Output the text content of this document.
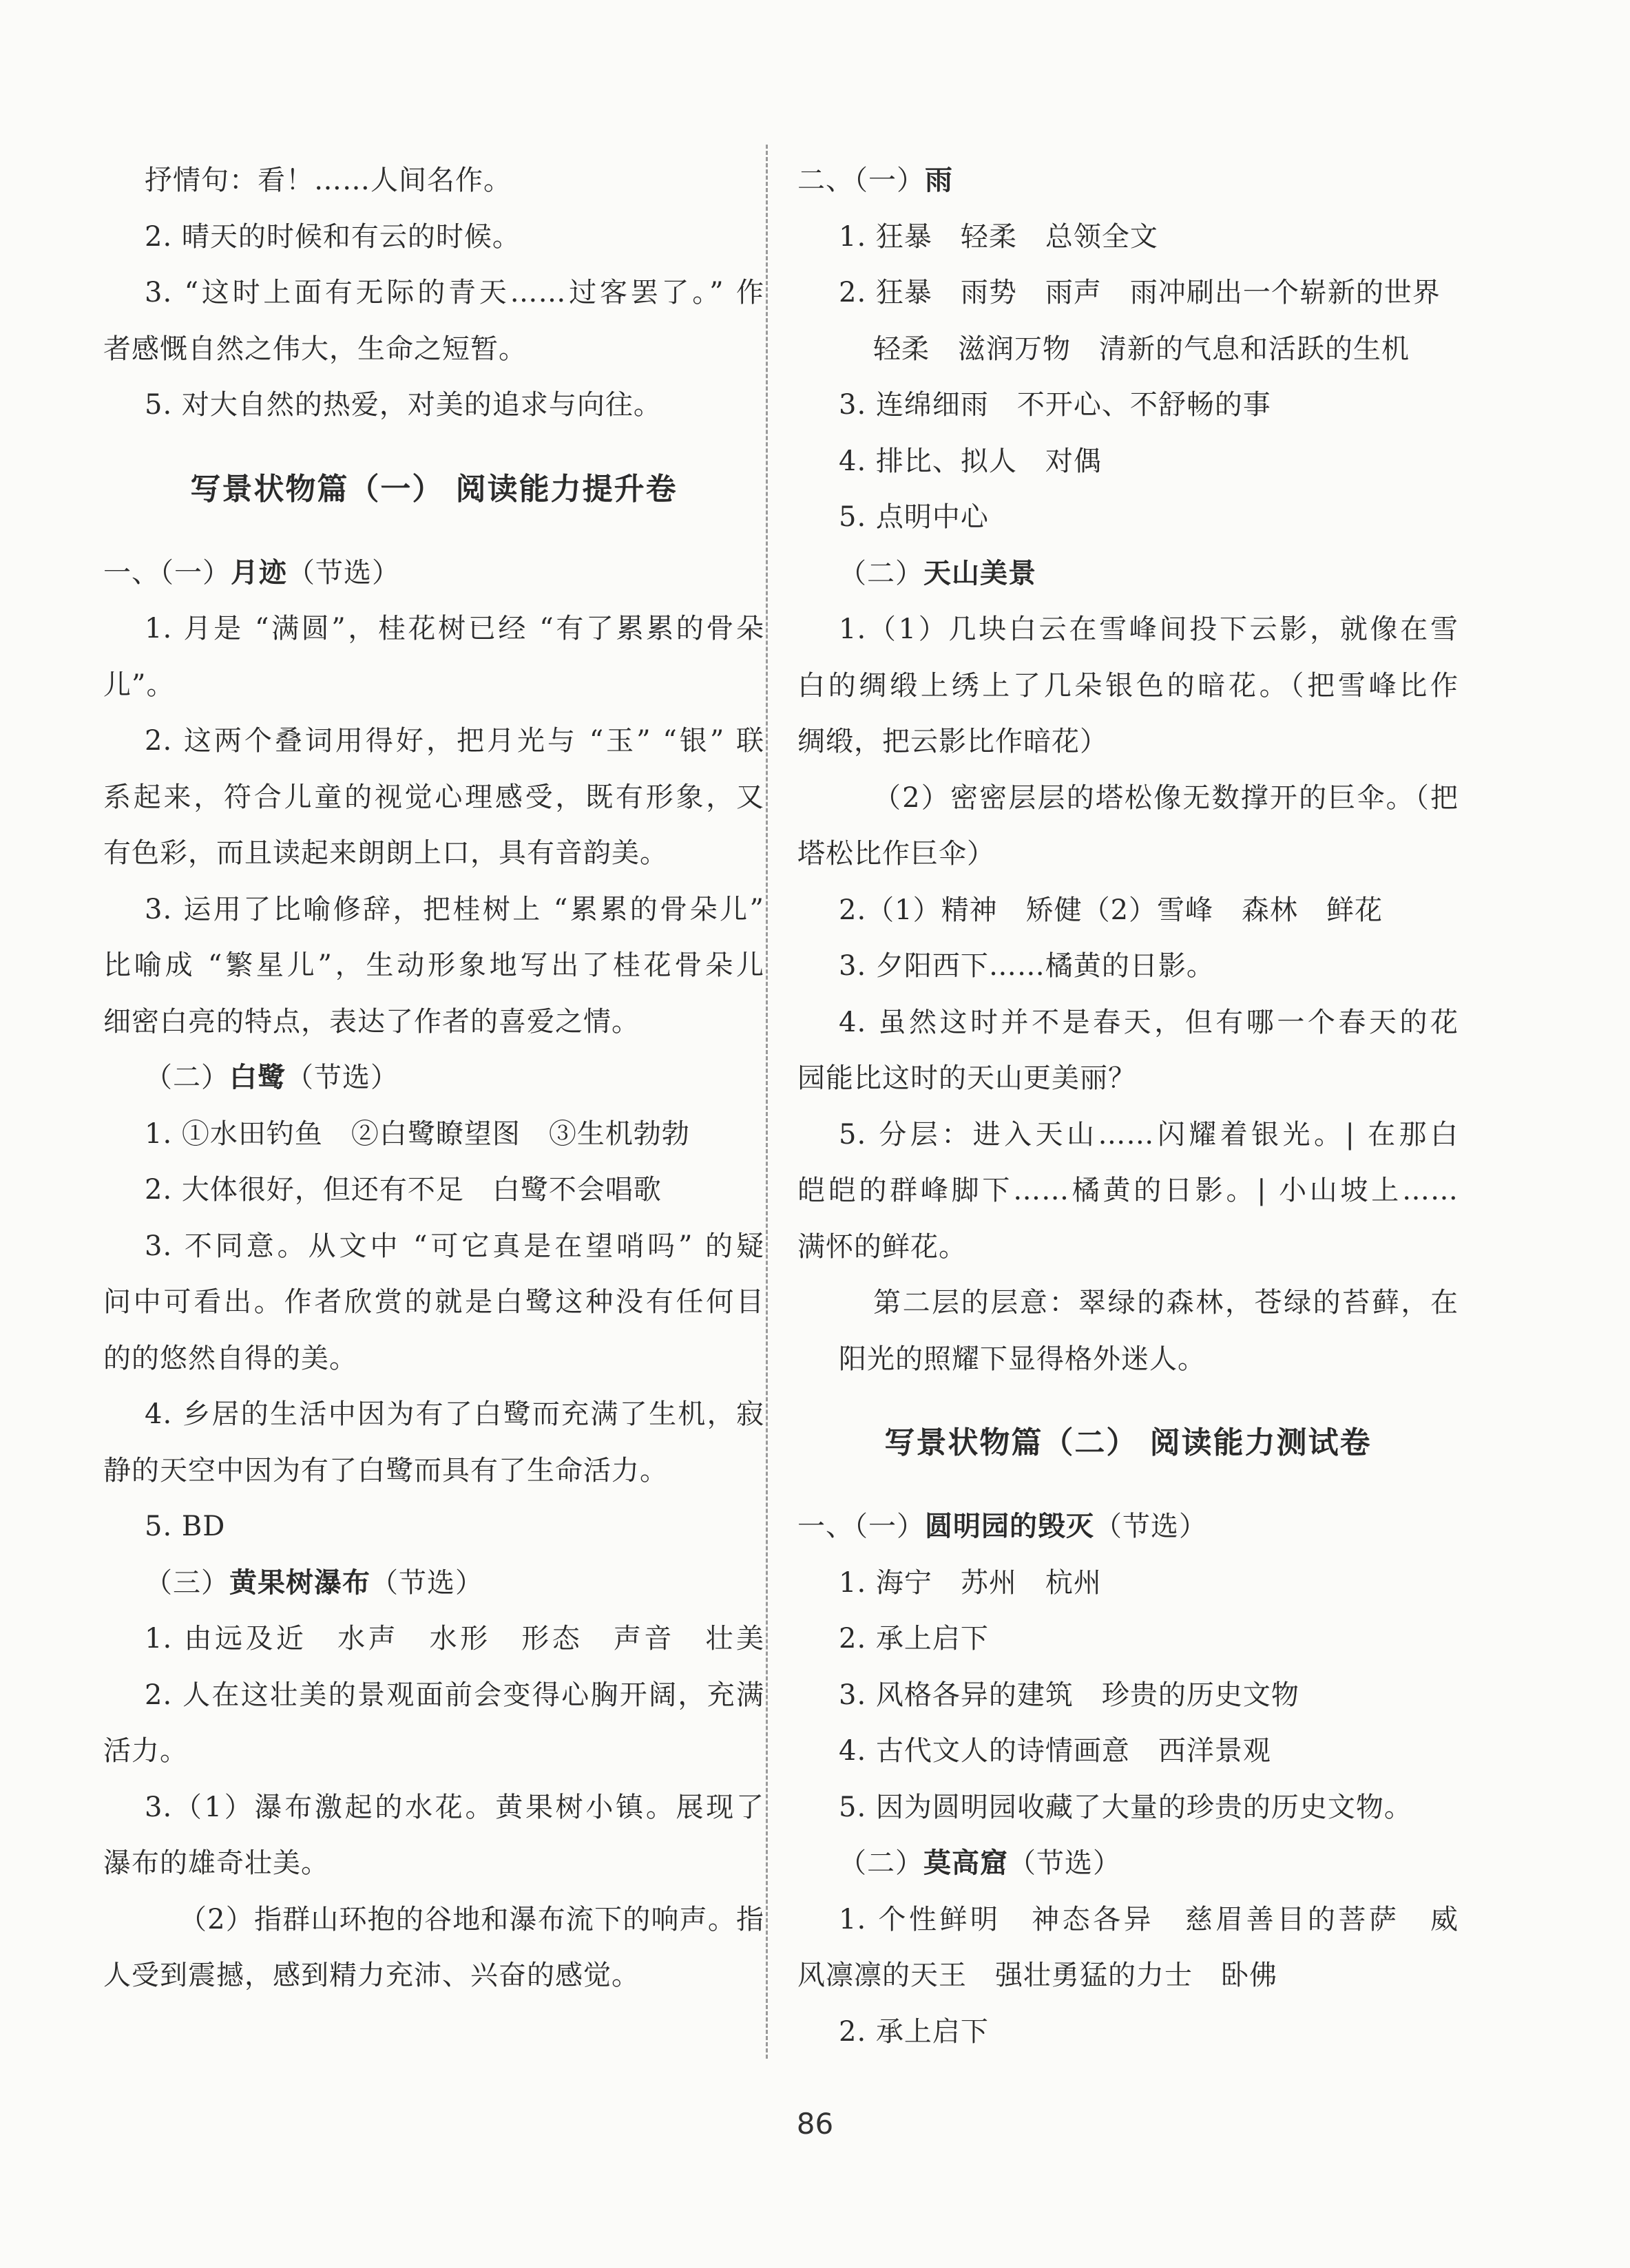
抒情句：看！……人间名作。
2. 晴天的时候和有云的时候。
3. “这时上面有无际的青天……过客罢了。” 作
者感慨自然之伟大，生命之短暂。
5. 对大自然的热爱，对美的追求与向往。
写景状物篇（一） 阅读能力提升卷
一、（一）月迹（节选）
1. 月是 “满圆”，桂花树已经 “有了累累的骨朵
儿”。
2. 这两个叠词用得好，把月光与 “玉” “银” 联
系起来，符合儿童的视觉心理感受，既有形象，又
有色彩，而且读起来朗朗上口，具有音韵美。
3. 运用了比喻修辞，把桂树上 “累累的骨朵儿”
比喻成 “繁星儿”，生动形象地写出了桂花骨朵儿
细密白亮的特点，表达了作者的喜爱之情。
（二）白鹭（节选）
1. ①水田钓鱼　②白鹭瞭望图　③生机勃勃
2. 大体很好，但还有不足　白鹭不会唱歌
3. 不同意。从文中 “可它真是在望哨吗” 的疑
问中可看出。作者欣赏的就是白鹭这种没有任何目
的的悠然自得的美。
4. 乡居的生活中因为有了白鹭而充满了生机，寂
静的天空中因为有了白鹭而具有了生命活力。
5. BD
（三）黄果树瀑布（节选）
1. 由远及近　水声　水形　形态　声音　壮美
2. 人在这壮美的景观面前会变得心胸开阔，充满
活力。
3.（1）瀑布激起的水花。黄果树小镇。展现了
瀑布的雄奇壮美。
（2）指群山环抱的谷地和瀑布流下的响声。指
人受到震撼，感到精力充沛、兴奋的感觉。
二、（一）雨
1. 狂暴　轻柔　总领全文
2. 狂暴　雨势　雨声　雨冲刷出一个崭新的世界
轻柔　滋润万物　清新的气息和活跃的生机
3. 连绵细雨　不开心、不舒畅的事
4. 排比、拟人　对偶
5. 点明中心
（二）天山美景
1.（1）几块白云在雪峰间投下云影，就像在雪
白的绸缎上绣上了几朵银色的暗花。（把雪峰比作
绸缎，把云影比作暗花）
（2）密密层层的塔松像无数撑开的巨伞。（把
塔松比作巨伞）
2.（1）精神　矫健（2）雪峰　森林　鲜花
3. 夕阳西下……橘黄的日影。
4. 虽然这时并不是春天，但有哪一个春天的花
园能比这时的天山更美丽？
5. 分层：进入天山……闪耀着银光。| 在那白
皑皑的群峰脚下……橘黄的日影。| 小山坡上……
满怀的鲜花。
第二层的层意：翠绿的森林，苍绿的苔藓，在
阳光的照耀下显得格外迷人。
写景状物篇（二） 阅读能力测试卷
一、（一）圆明园的毁灭（节选）
1. 海宁　苏州　杭州
2. 承上启下
3. 风格各异的建筑　珍贵的历史文物
4. 古代文人的诗情画意　西洋景观
5. 因为圆明园收藏了大量的珍贵的历史文物。
（二）莫高窟（节选）
1. 个性鲜明　神态各异　慈眉善目的菩萨　威
风凛凛的天王　强壮勇猛的力士　卧佛
2. 承上启下
86
